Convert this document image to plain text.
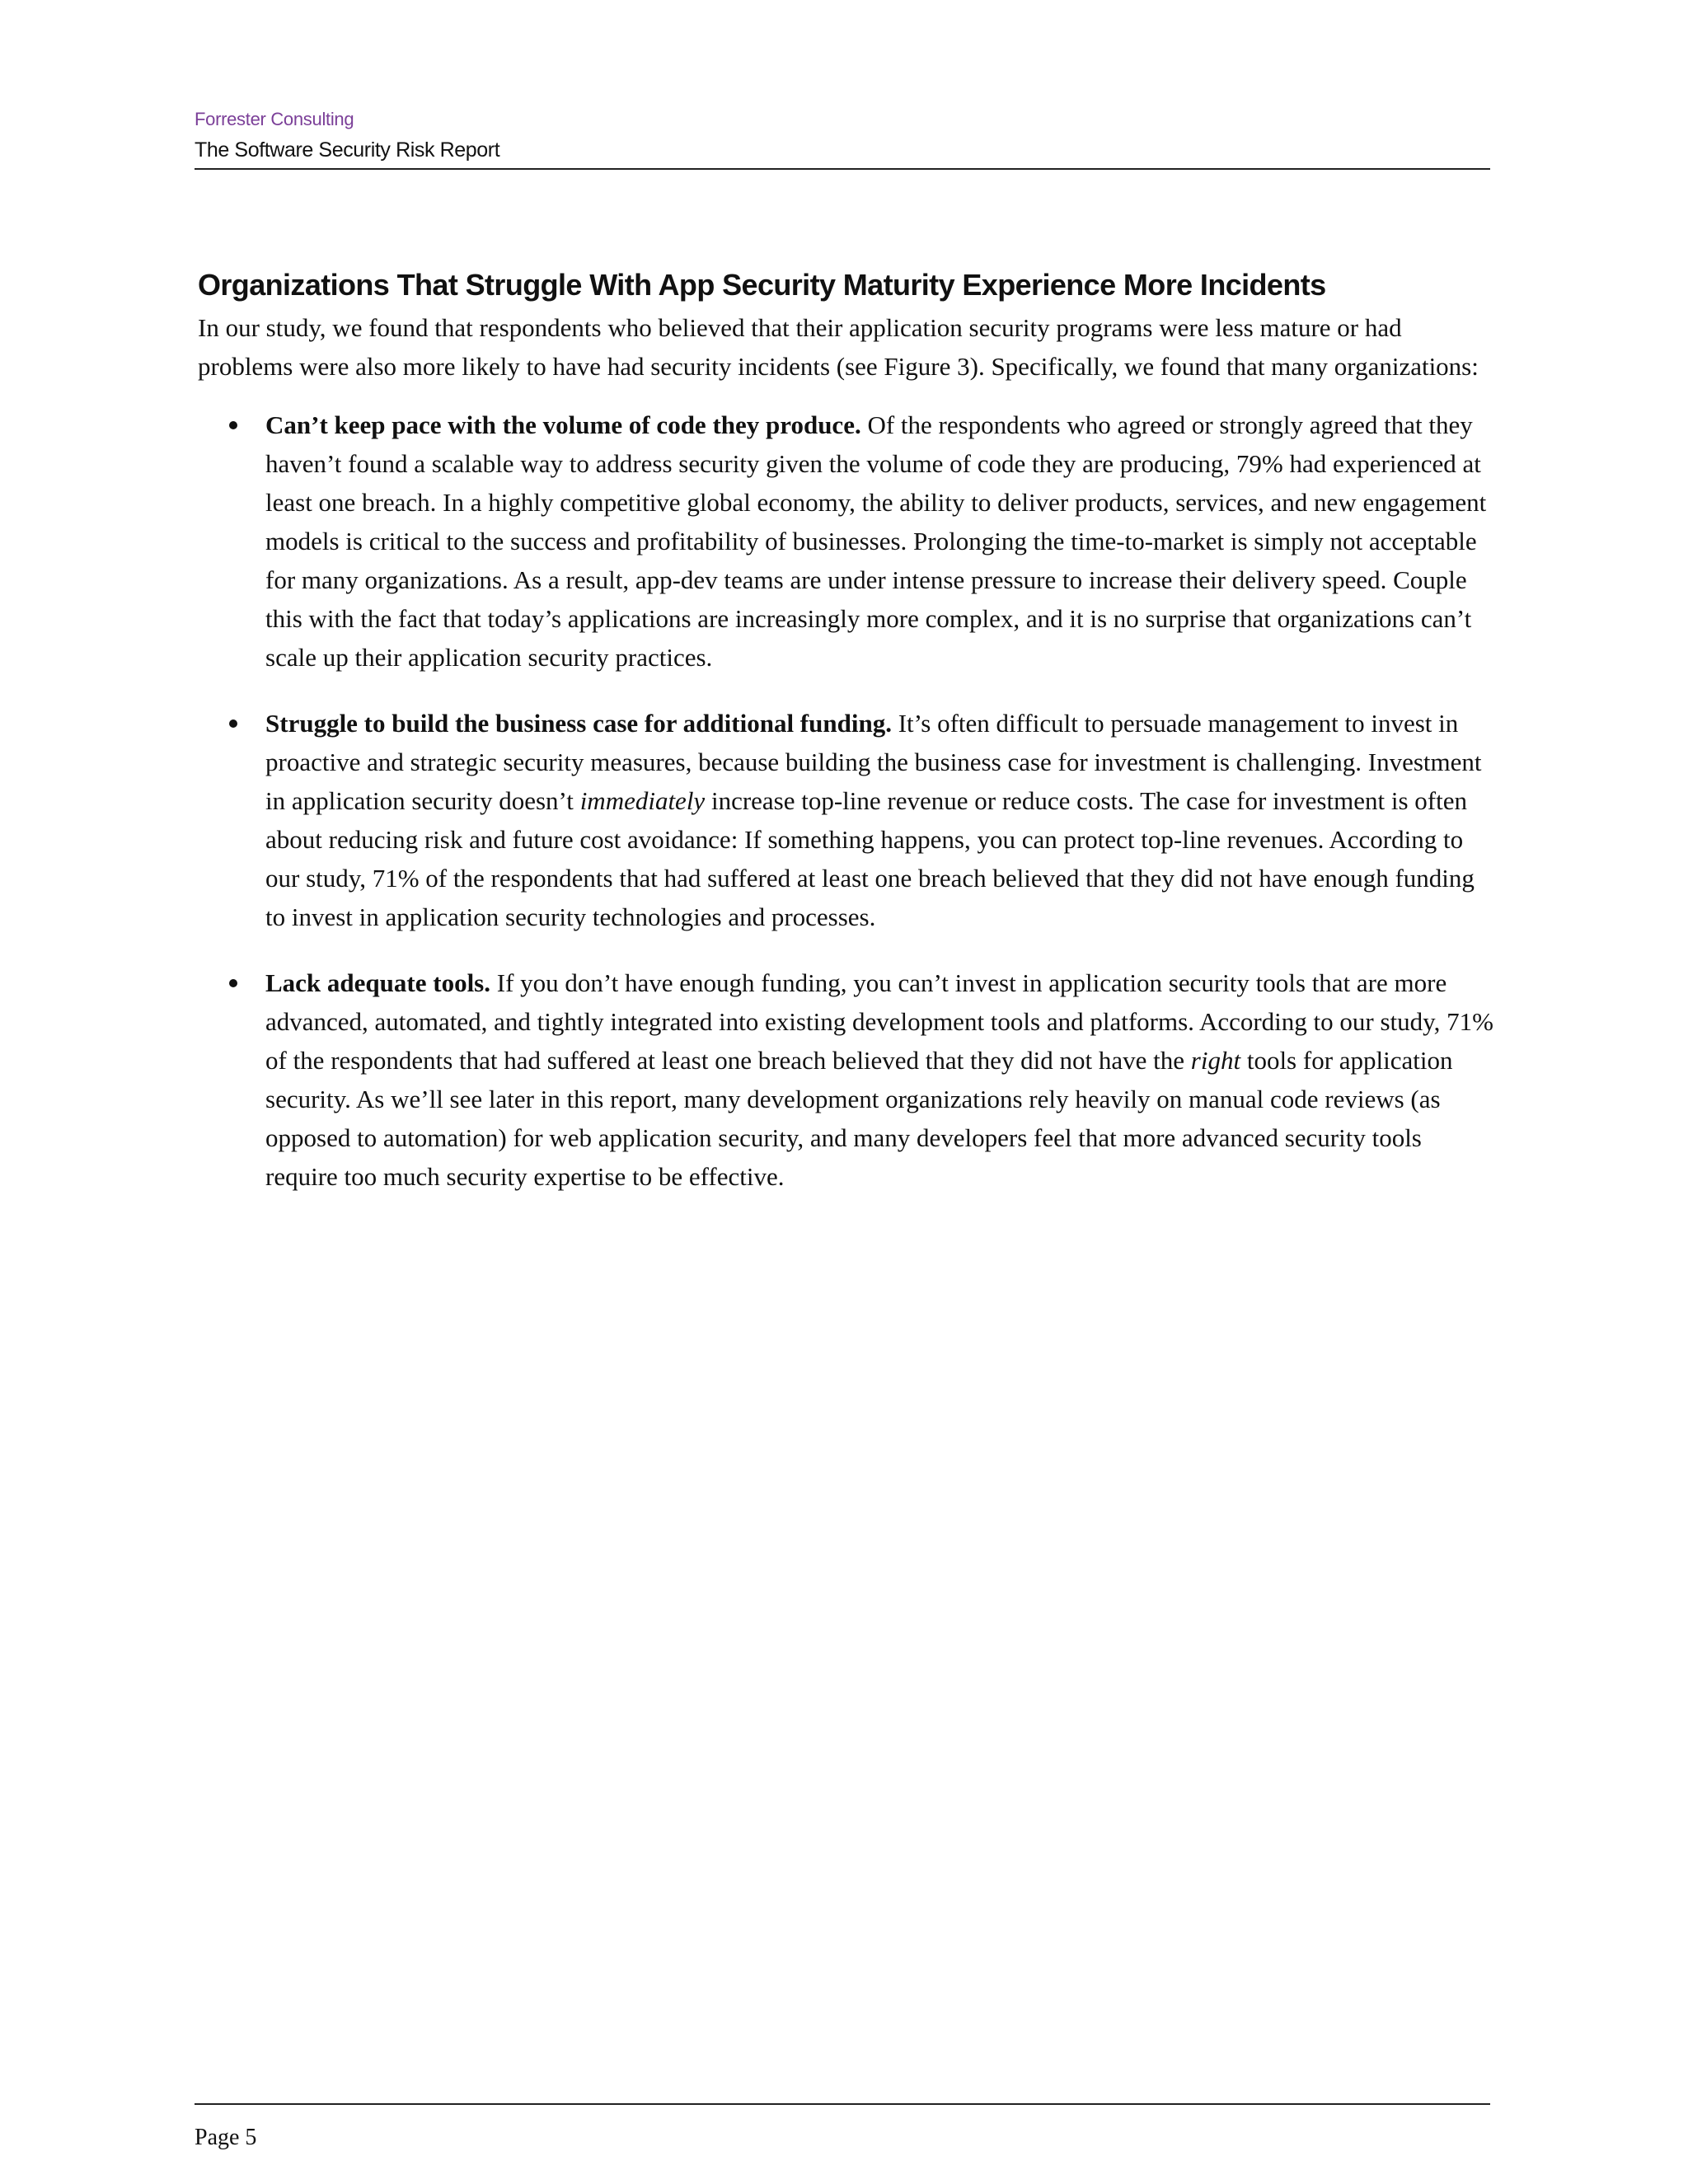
Forrester Consulting
The Software Security Risk Report
Organizations That Struggle With App Security Maturity Experience More Incidents

In our study, we found that respondents who believed that their application security programs were less mature or had problems were also more likely to have had security incidents (see Figure 3). Specifically, we found that many organizations:

Can’t keep pace with the volume of code they produce. Of the respondents who agreed or strongly agreed that they haven’t found a scalable way to address security given the volume of code they are producing, 79% had experienced at least one breach. In a highly competitive global economy, the ability to deliver products, services, and new engagement models is critical to the success and profitability of businesses. Prolonging the time-to-market is simply not acceptable for many organizations. As a result, app-dev teams are under intense pressure to increase their delivery speed. Couple this with the fact that today’s applications are increasingly more complex, and it is no surprise that organizations can’t scale up their application security practices.
Struggle to build the business case for additional funding. It’s often difficult to persuade management to invest in proactive and strategic security measures, because building the business case for investment is challenging. Investment in application security doesn’t immediately increase top-line revenue or reduce costs. The case for investment is often about reducing risk and future cost avoidance: If something happens, you can protect top-line revenues. According to our study, 71% of the respondents that had suffered at least one breach believed that they did not have enough funding to invest in application security technologies and processes.
Lack adequate tools. If you don’t have enough funding, you can’t invest in application security tools that are more advanced, automated, and tightly integrated into existing development tools and platforms. According to our study, 71% of the respondents that had suffered at least one breach believed that they did not have the right tools for application security. As we’ll see later in this report, many development organizations rely heavily on manual code reviews (as opposed to automation) for web application security, and many developers feel that more advanced security tools require too much security expertise to be effective.
Page 5
